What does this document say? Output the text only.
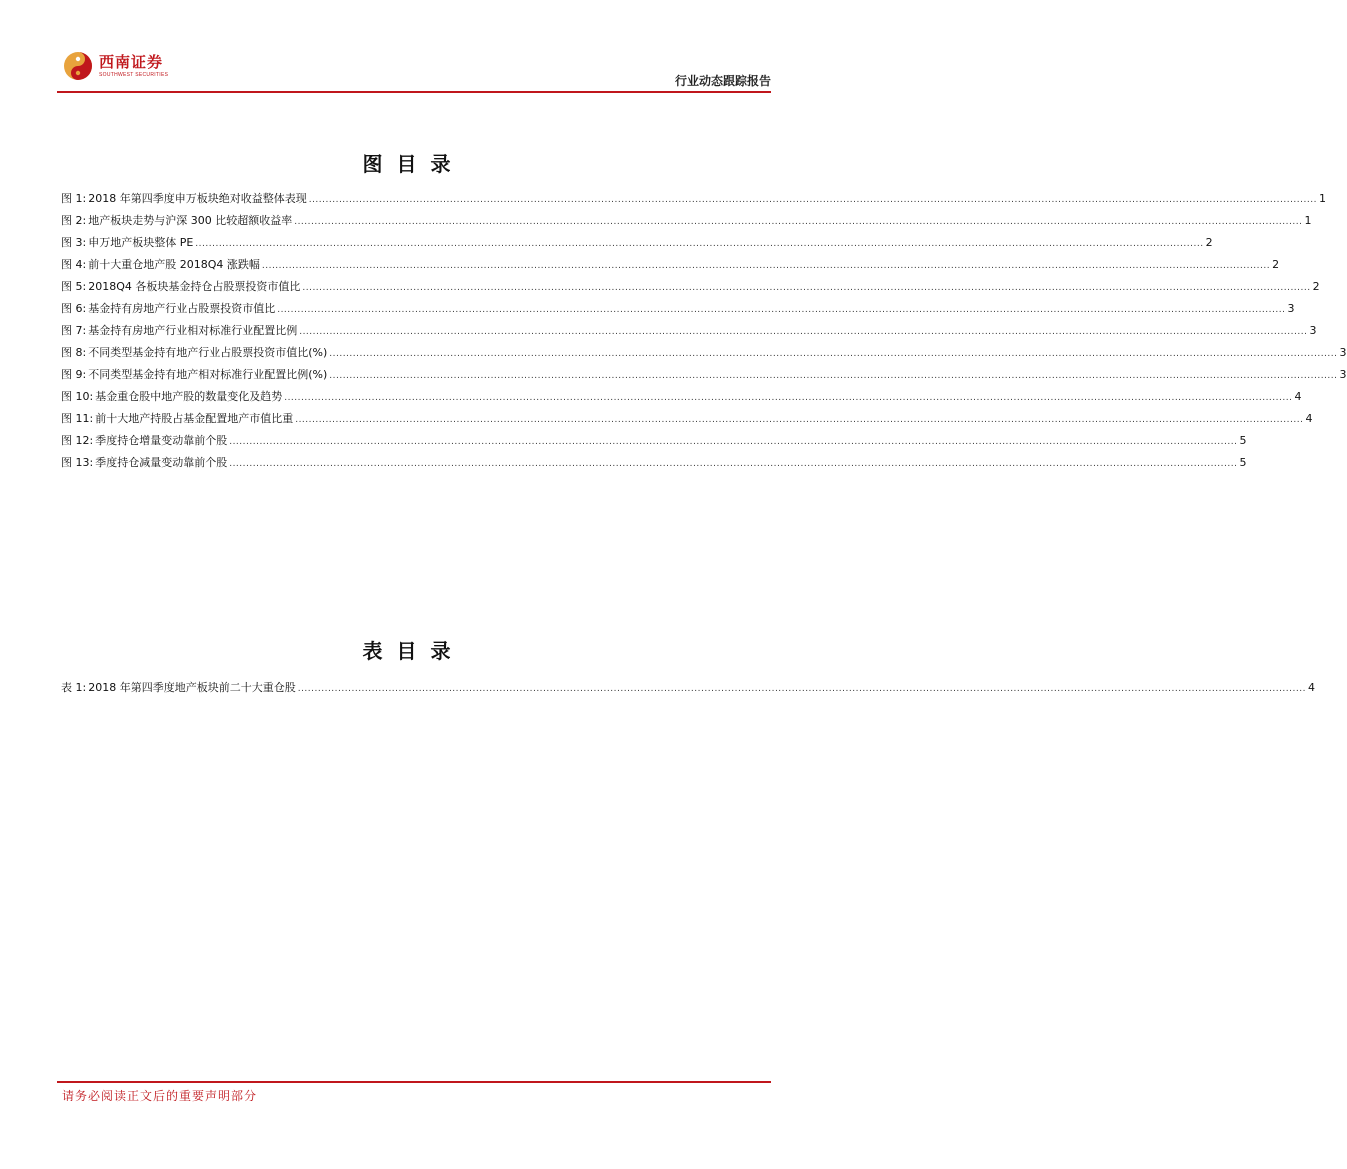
西南证券
SOUTHWEST SECURITIES	行业动态跟踪报告
图目录
图 1: 2018 年第四季度申万板块绝对收益整体表现 ............................................................................................................................................................................................................................................................................................................ 1
图 2: 地产板块走势与沪深 300 比较超额收益率 ............................................................................................................................................................................................................................................................................................................ 1
图 3: 申万地产板块整体 PE ............................................................................................................................................................................................................................................................................................................ 2
图 4: 前十大重仓地产股 2018Q4 涨跌幅 ............................................................................................................................................................................................................................................................................................................ 2
图 5: 2018Q4 各板块基金持仓占股票投资市值比 ............................................................................................................................................................................................................................................................................................................ 2
图 6: 基金持有房地产行业占股票投资市值比 ............................................................................................................................................................................................................................................................................................................ 3
图 7: 基金持有房地产行业相对标准行业配置比例 ............................................................................................................................................................................................................................................................................................................ 3
图 8: 不同类型基金持有地产行业占股票投资市值比(%) ............................................................................................................................................................................................................................................................................................................ 3
图 9: 不同类型基金持有地产相对标准行业配置比例(%) ............................................................................................................................................................................................................................................................................................................ 3
图 10: 基金重仓股中地产股的数量变化及趋势 ............................................................................................................................................................................................................................................................................................................ 4
图 11: 前十大地产持股占基金配置地产市值比重 ............................................................................................................................................................................................................................................................................................................ 4
图 12: 季度持仓增量变动靠前个股 ............................................................................................................................................................................................................................................................................................................ 5
图 13: 季度持仓减量变动靠前个股 ............................................................................................................................................................................................................................................................................................................ 5
表目录
表 1: 2018 年第四季度地产板块前二十大重仓股 ............................................................................................................................................................................................................................................................................................................ 4
请务必阅读正文后的重要声明部分
